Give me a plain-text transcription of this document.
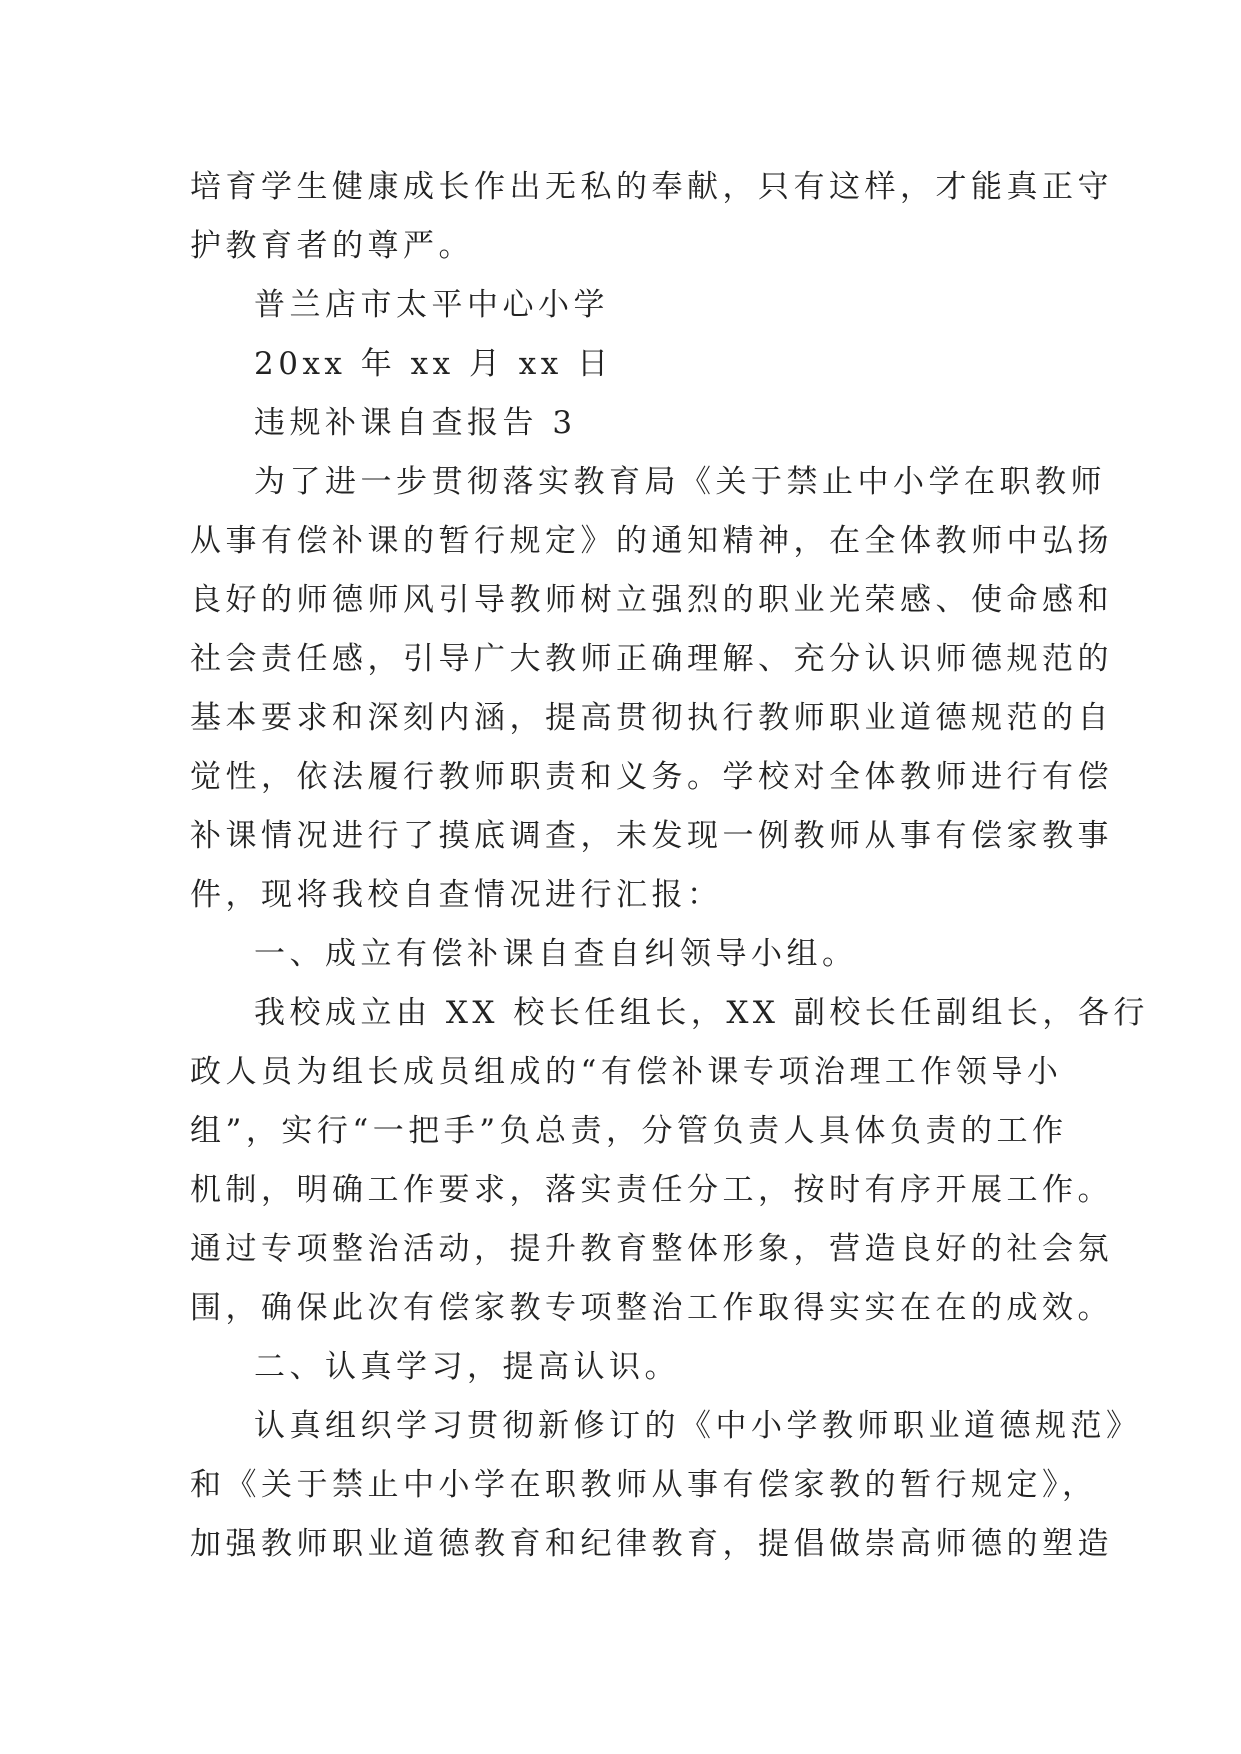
培育学生健康成长作出无私的奉献，只有这样，才能真正守
护教育者的尊严。
普兰店市太平中心小学
20xx 年 xx 月 xx 日
违规补课自查报告 3
为了进一步贯彻落实教育局《关于禁止中小学在职教师
从事有偿补课的暂行规定》的通知精神，在全体教师中弘扬
良好的师德师风引导教师树立强烈的职业光荣感、使命感和
社会责任感，引导广大教师正确理解、充分认识师德规范的
基本要求和深刻内涵，提高贯彻执行教师职业道德规范的自
觉性，依法履行教师职责和义务。学校对全体教师进行有偿
补课情况进行了摸底调查，未发现一例教师从事有偿家教事
件，现将我校自查情况进行汇报：
一、成立有偿补课自查自纠领导小组。
我校成立由 XX 校长任组长，XX 副校长任副组长，各行
政人员为组长成员组成的“有偿补课专项治理工作领导小
组”，实行“一把手”负总责，分管负责人具体负责的工作
机制，明确工作要求，落实责任分工，按时有序开展工作。
通过专项整治活动，提升教育整体形象，营造良好的社会氛
围，确保此次有偿家教专项整治工作取得实实在在的成效。
二、认真学习，提高认识。
认真组织学习贯彻新修订的《中小学教师职业道德规范》
和《关于禁止中小学在职教师从事有偿家教的暂行规定》，
加强教师职业道德教育和纪律教育，提倡做崇高师德的塑造
